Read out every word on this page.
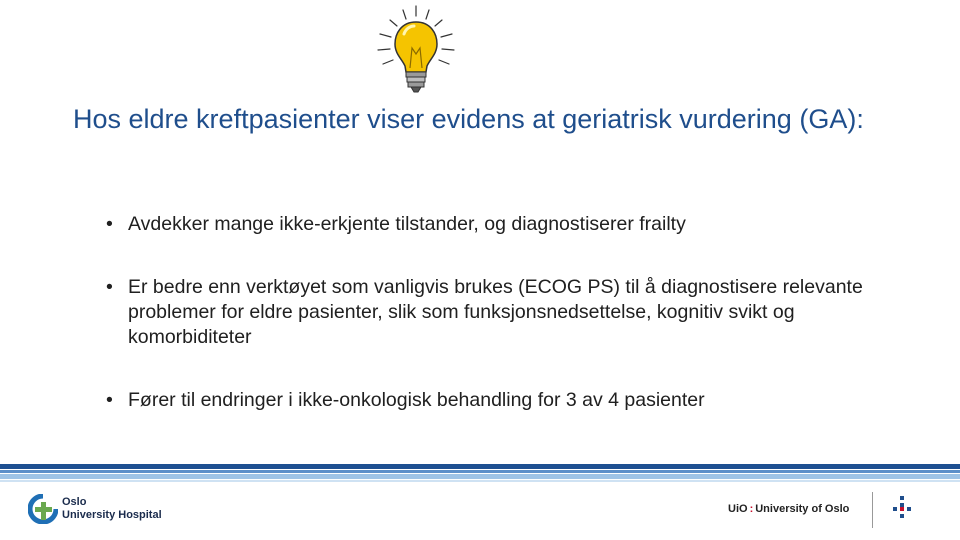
Hos eldre kreftpasienter viser evidens at geriatrisk vurdering (GA):
• Avdekker mange ikke-erkjente tilstander, og diagnostiserer frailty
• Er bedre enn verktøyet som vanligvis brukes (ECOG PS) til å diagnostisere relevante problemer for eldre pasienter, slik som funksjonsnedsettelse, kognitiv svikt og komorbiditeter
• Fører til endringer i ikke-onkologisk behandling for 3 av 4 pasienter
Oslo
University Hospital	UiO : University of Oslo
